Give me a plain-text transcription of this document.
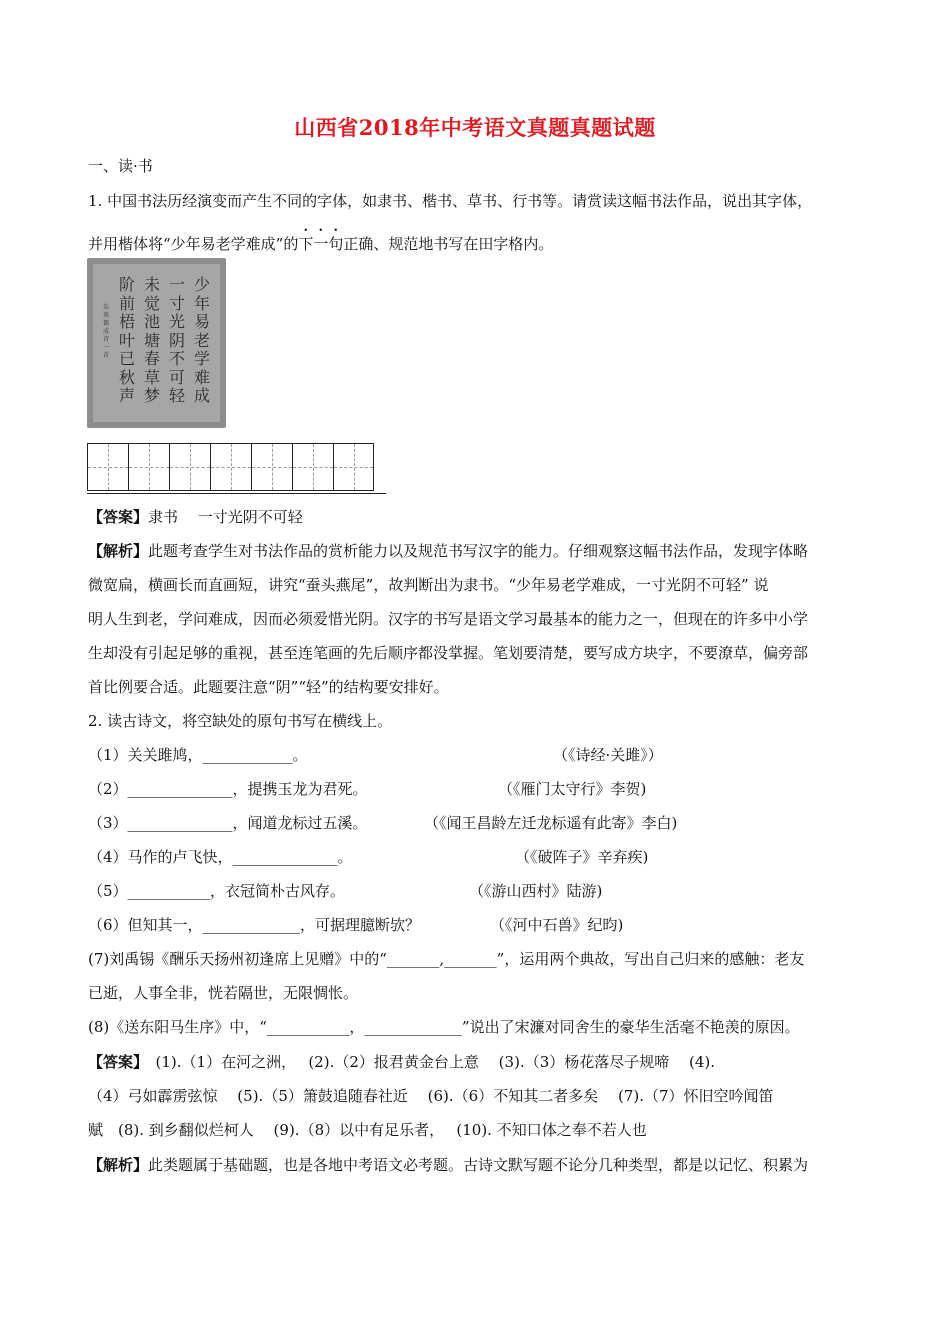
山西省2018年中考语文真题真题试题
一、读·书
1. 中国书法历经演变而产生不同的字体，如隶书、楷书、草书、行书等。请赏读这幅书法作品，说出其字体，
并用楷体将“少年易老学难成”的下一句正确、规范地书写在田字格内。
朱熹偶成诗一首
阶前梧叶已秋声
未觉池塘春草梦
一寸光阴不可轻
少年易老学难成
【答案】隶书　 一寸光阴不可轻
【解析】此题考查学生对书法作品的赏析能力以及规范书写汉字的能力。仔细观察这幅书法作品，发现字体略
微宽扁，横画长而直画短，讲究“蚕头燕尾”，故判断出为隶书。“少年易老学难成，一寸光阴不可轻” 说
明人生到老，学问难成，因而必须爱惜光阴。汉字的书写是语文学习最基本的能力之一，但现在的许多中小学
生却没有引起足够的重视，甚至连笔画的先后顺序都没掌握。笔划要清楚，要写成方块字，不要潦草，偏旁部
首比例要合适。此题要注意“阴”“轻”的结构要安排好。
2. 读古诗文，将空缺处的原句书写在横线上。
（1）关关雎鸠，____________。	（《诗经·关雎》）
（2）______________，提携玉龙为君死。	（《雁门太守行》李贺)
（3）______________，闻道龙标过五溪。	（《闻王昌龄左迁龙标遥有此寄》李白)
（4）马作的卢飞快，______________。	（《破阵子》辛弃疾)
（5）___________，衣冠简朴古风存。	（《游山西村》陆游)
（6）但知其一，_____________，可据理臆断欤？	（《河中石兽》纪昀)
(7)刘禹锡《酬乐天扬州初逢席上见赠》中的“_______,_______”，运用两个典故，写出自己归来的感触：老友
已逝，人事全非，恍若隔世，无限惆怅。
(8)《送东阳马生序》中，“___________，_____________”说出了宋濂对同舍生的豪华生活毫不艳羡的原因。
【答案】　(1).（1）在河之洲，　 (2).（2）报君黄金台上意　 (3).（3）杨花落尽子规啼　 (4).
（4）弓如霹雳弦惊　 (5).（5）箫鼓追随春社近　 (6).（6）不知其二者多矣　 (7).（7）怀旧空吟闻笛
赋　(8). 到乡翻似烂柯人　 (9).（8）以中有足乐者，　 (10). 不知口体之奉不若人也
【解析】此类题属于基础题，也是各地中考语文必考题。古诗文默写题不论分几种类型，都是以记忆、积累为
